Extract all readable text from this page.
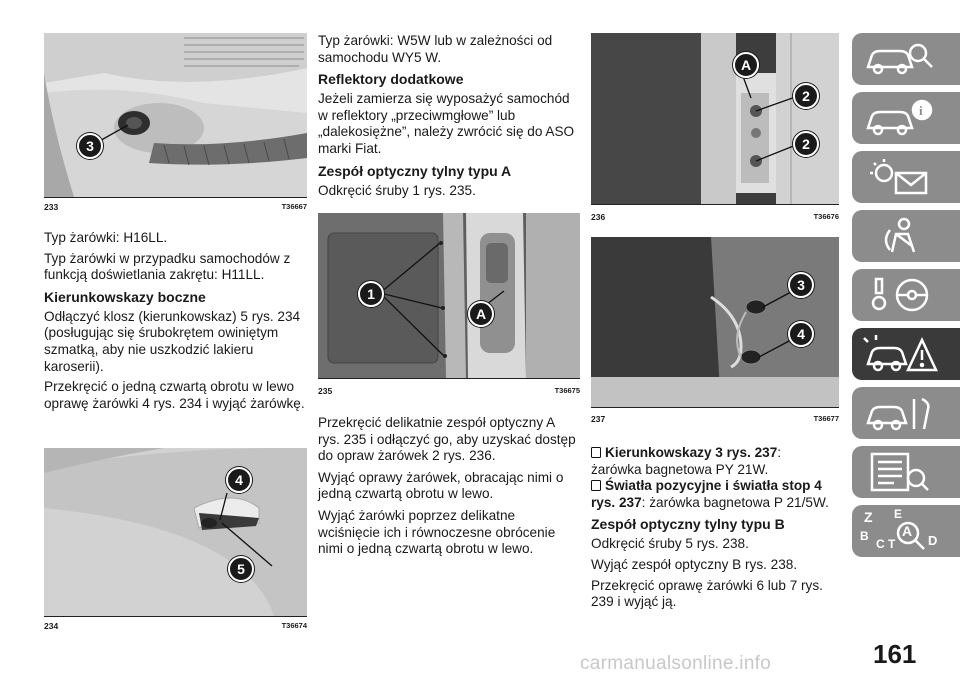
3
233	T36667

Typ żarówki: H16LL.

Typ żarówki w przypadku samochodów z funkcją doświetlania zakrętu: H11LL.

Kierunkowskazy boczne

Odłączyć klosz (kierunkowskaz) 5 rys. 234 (posługując się śrubokrętem owiniętym szmatką, aby nie uszkodzić lakieru karoserii).

Przekręcić o jedną czwartą obrotu w lewo oprawę żarówki 4 rys. 234 i wyjąć żarówkę.

4
5
234	T36674

Typ żarówki: W5W lub w zależności od samochodu WY5 W.

Reflektory dodatkowe

Jeżeli zamierza się wyposażyć samochód w reflektory „przeciwmgłowe” lub „dalekosiężne”, należy zwrócić się do ASO marki Fiat.

Zespół optyczny tylny typu A

Odkręcić śruby 1 rys. 235.

1
A
235	T36675

Przekręcić delikatnie zespół optyczny A rys. 235 i odłączyć go, aby uzyskać dostęp do opraw żarówek 2 rys. 236.

Wyjąć oprawy żarówek, obracając nimi o jedną czwartą obrotu w lewo.

Wyjąć żarówki poprzez delikatne wciśnięcie ich i równoczesne obrócenie nimi o jedną czwartą obrotu w lewo.

A
2
2
236	T36676
3
4
237	T36677

Kierunkowskazy 3 rys. 237:

żarówka bagnetowa PY 21W.

Światła pozycyjne i światła stop 4 rys. 237: żarówka bagnetowa P 21/5W.

Zespół optyczny tylny typu B

Odkręcić śruby 5 rys. 238.

Wyjąć zespół optyczny B rys. 238.

Przekręcić oprawę żarówki 6 lub 7 rys. 239 i wyjąć ją.

i
Z E
B A
C T	D
161
carmanualsonline.info
